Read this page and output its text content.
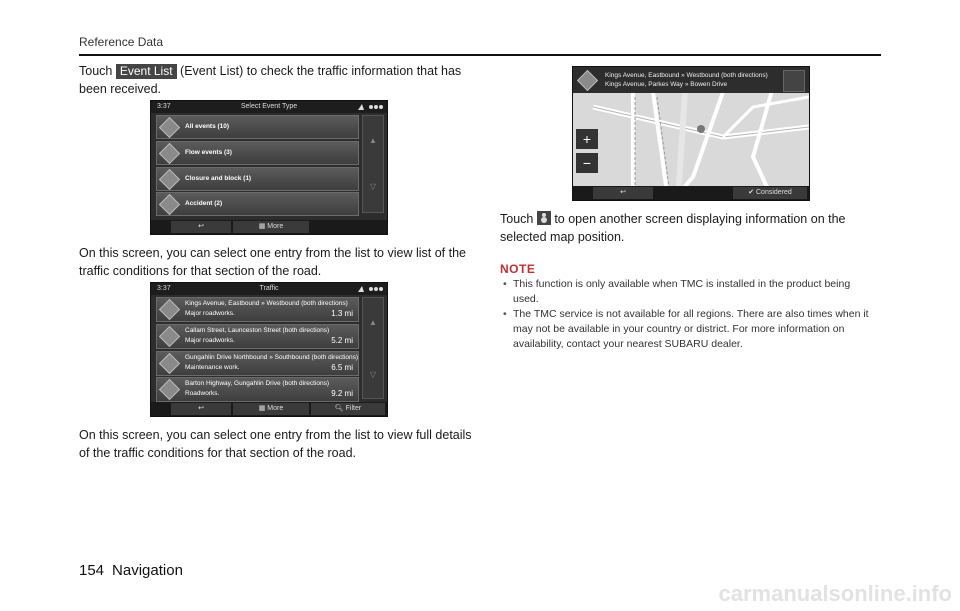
Reference Data
Touch Event List (Event List) to check the traffic information that has
been received.
3:37	Select Event Type
All events (10)
Flow events (3)
Closure and block (1)
Accident (2)
▲
▽
↩	▦ More
On this screen, you can select one entry from the list to view list of the
traffic conditions for that section of the road.
3:37	Traffic
Kings Avenue, Eastbound » Westbound (both directions)
Major roadworks.	1.3 mi
Callam Street, Launceston Street (both directions)
Major roadworks.	5.2 mi
Gungahlin Drive Northbound » Southbound (both directions)
Maintenance work.	6.5 mi
Barton Highway, Gungahlin Drive (both directions)
Roadworks.	9.2 mi
▲
▽
↩	▦ More	🔍︎ Filter
On this screen, you can select one entry from the list to view full details
of the traffic conditions for that section of the road.
Kings Avenue, Eastbound » Westbound (both directions)
Kings Avenue, Parkes Way » Bowen Drive
+
−
↩	✔ Considered
Touch to open another screen displaying information on the
selected map position.
NOTE
• This function is only available when TMC is installed in the product being
used.
• The TMC service is not available for all regions. There are also times when it
may not be available in your country or district. For more information on
availability, contact your nearest SUBARU dealer.
154 Navigation
carmanualsonline.info
